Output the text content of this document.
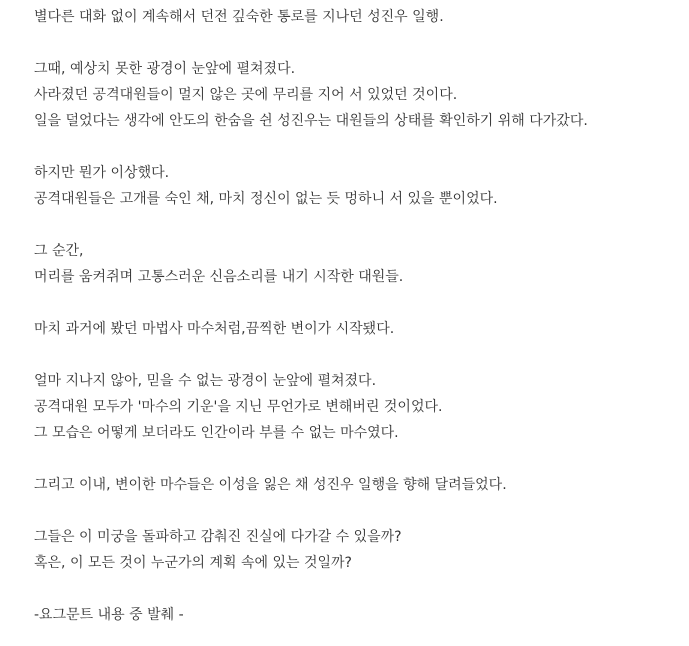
별다른 대화 없이 계속해서 던전 깊숙한 통로를 지나던 성진우 일행.
그때, 예상치 못한 광경이 눈앞에 펼쳐졌다.
사라졌던 공격대원들이 멀지 않은 곳에 무리를 지어 서 있었던 것이다.
일을 덜었다는 생각에 안도의 한숨을 쉰 성진우는 대원들의 상태를 확인하기 위해 다가갔다.
하지만 뭔가 이상했다.
공격대원들은 고개를 숙인 채, 마치 정신이 없는 듯 멍하니 서 있을 뿐이었다.
그 순간,
머리를 움켜쥐며 고통스러운 신음소리를 내기 시작한 대원들.
마치 과거에 봤던 마법사 마수처럼,끔찍한 변이가 시작됐다.
얼마 지나지 않아, 믿을 수 없는 광경이 눈앞에 펼쳐졌다.
공격대원 모두가 '마수의 기운'을 지닌 무언가로 변해버린 것이었다.
그 모습은 어떻게 보더라도 인간이라 부를 수 없는 마수였다.
그리고 이내, 변이한 마수들은 이성을 잃은 채 성진우 일행을 향해 달려들었다.
그들은 이 미궁을 돌파하고 감춰진 진실에 다가갈 수 있을까?
혹은, 이 모든 것이 누군가의 계획 속에 있는 것일까?
-요그문트 내용 중 발췌 -
